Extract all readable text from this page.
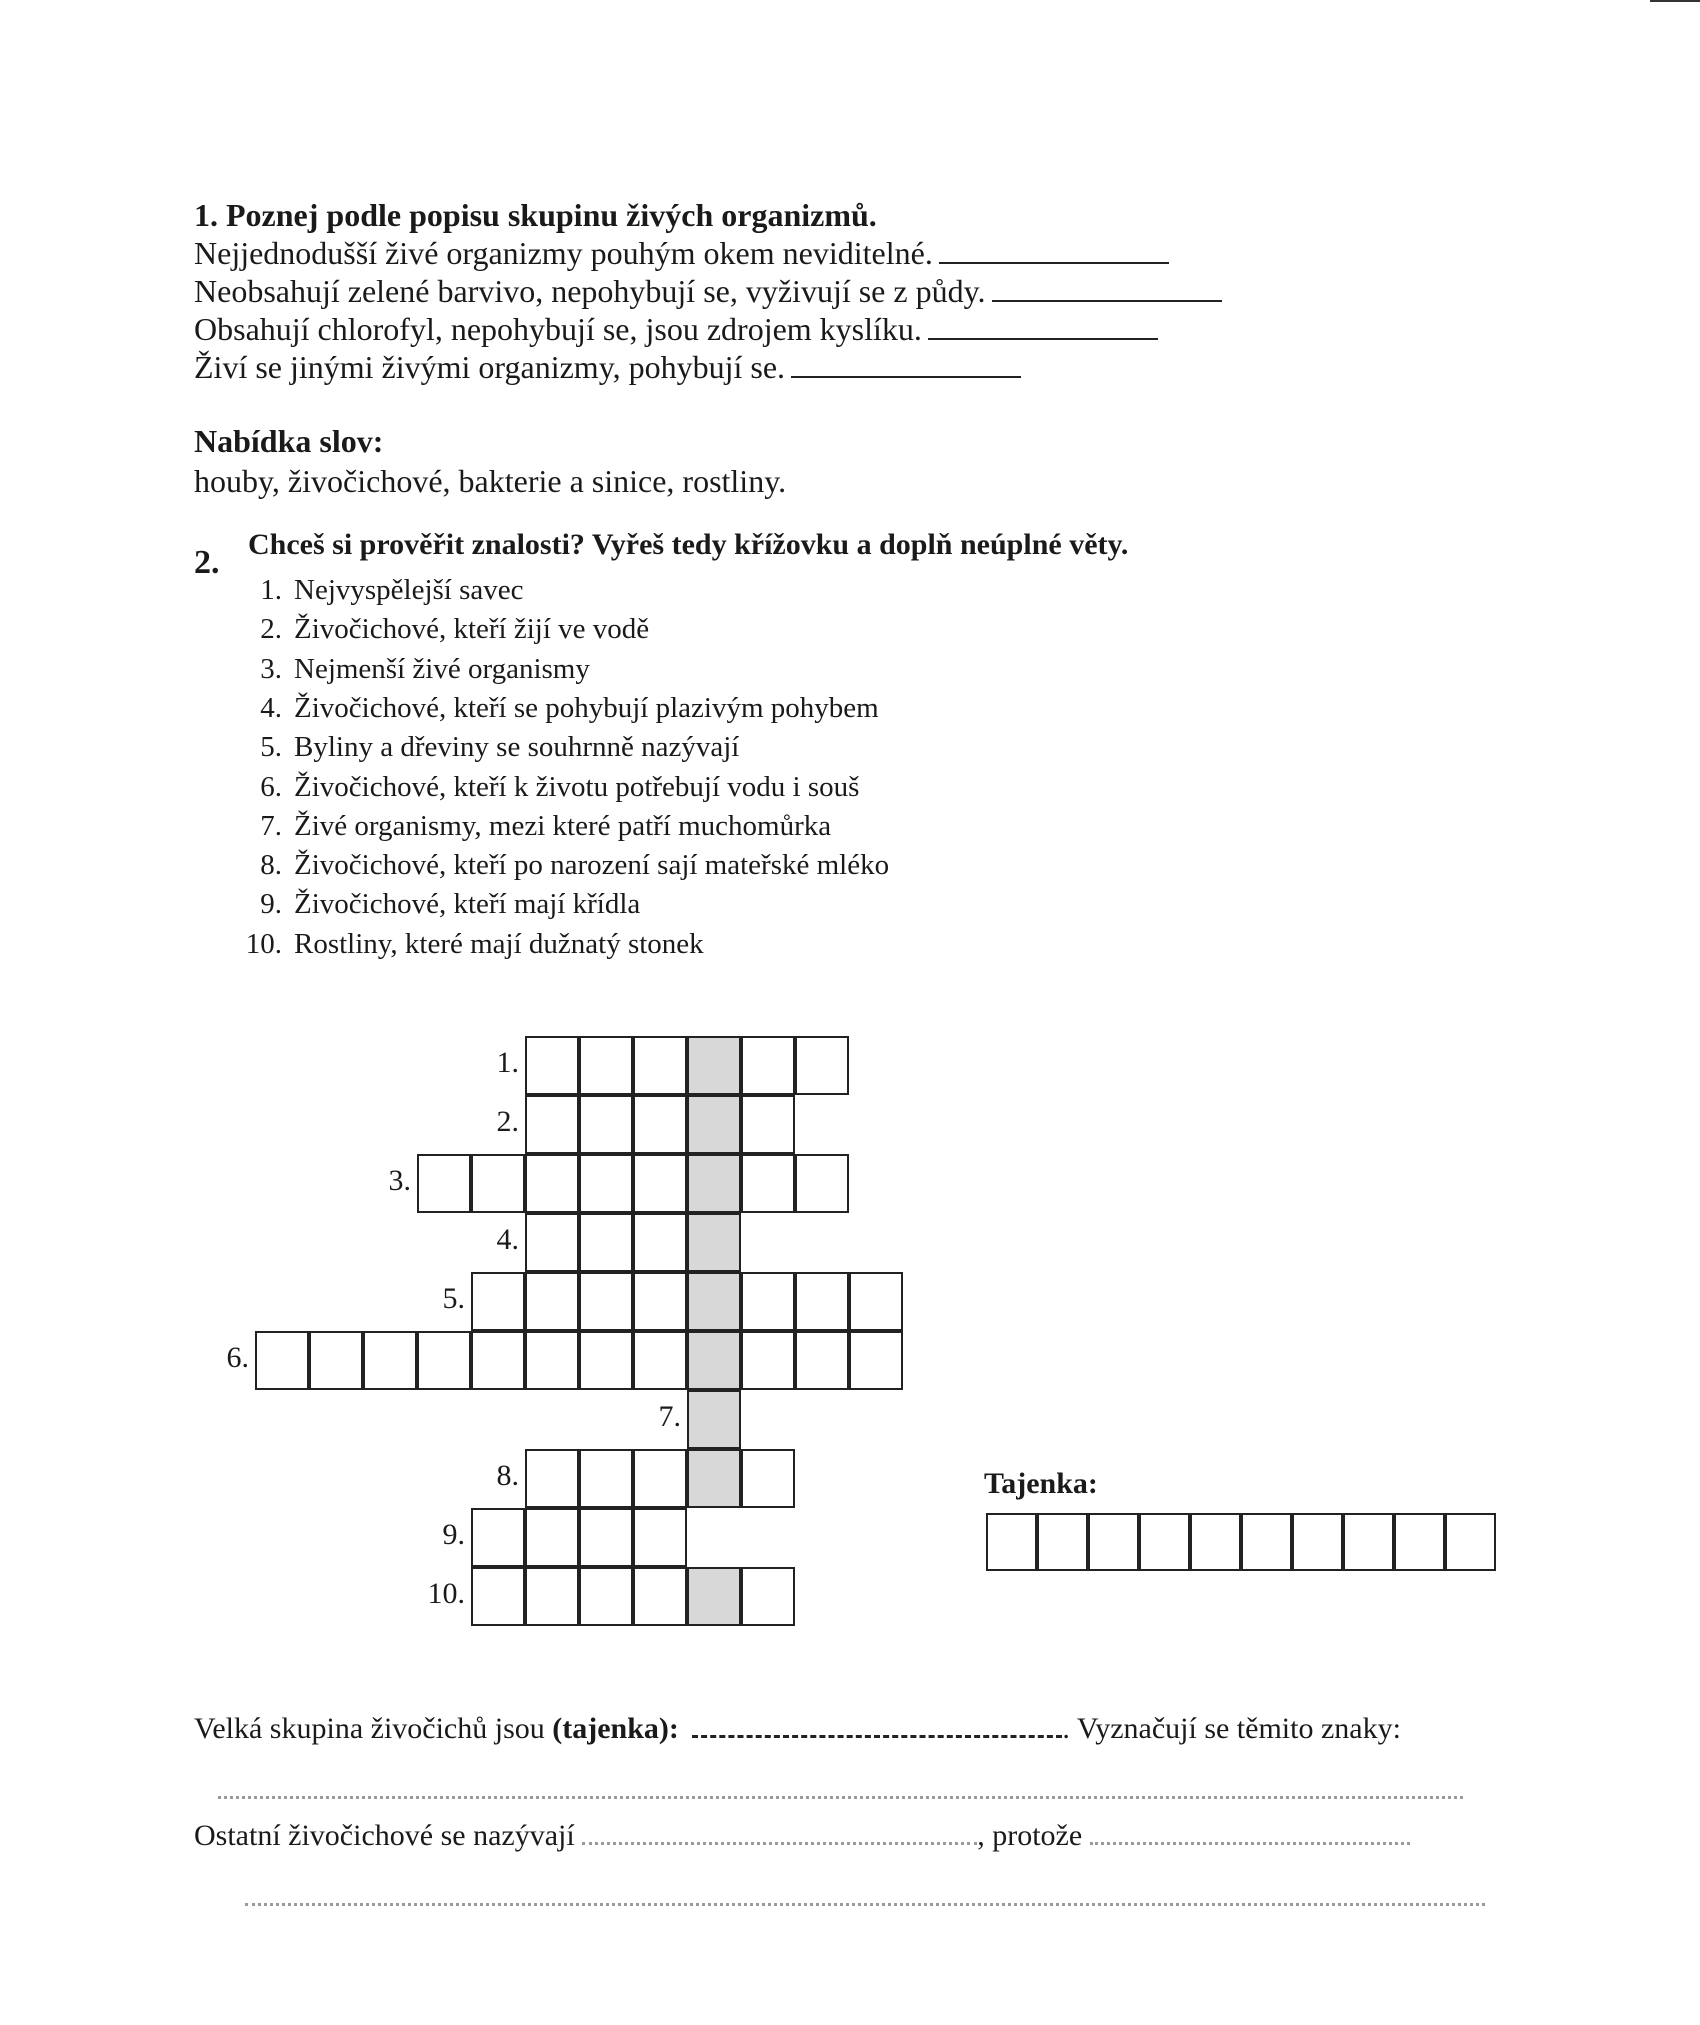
1. Poznej podle popisu skupinu živých organizmů.
Nejjednodušší živé organizmy pouhým okem neviditelné.
Neobsahují zelené barvivo, nepohybují se, vyživují se z půdy.
Obsahují chlorofyl, nepohybují se, jsou zdrojem kyslíku.
Živí se jinými živými organizmy, pohybují se.
Nabídka slov:
houby, živočichové, bakterie a sinice, rostliny.
2. Chceš si prověřit znalosti? Vyřeš tedy křížovku a doplň neúplné věty.
1. Nejvyspělejší savec
2. Živočichové, kteří žijí ve vodě
3. Nejmenší živé organismy
4. Živočichové, kteří se pohybují plazivým pohybem
5. Byliny a dřeviny se souhrnně nazývají
6. Živočichové, kteří k životu potřebují vodu i souš
7. Živé organismy, mezi které patří muchomůrka
8. Živočichové, kteří po narození sají mateřské mléko
9. Živočichové, kteří mají křídla
10. Rostliny, které mají dužnatý stonek
1.
2.
3.
4.
5.
6.
7.
8.
9.
10.
Tajenka:
Velká skupina živočichů jsou (tajenka):	. Vyznačují se těmito znaky:
Ostatní živočichové se nazývají	, protože
